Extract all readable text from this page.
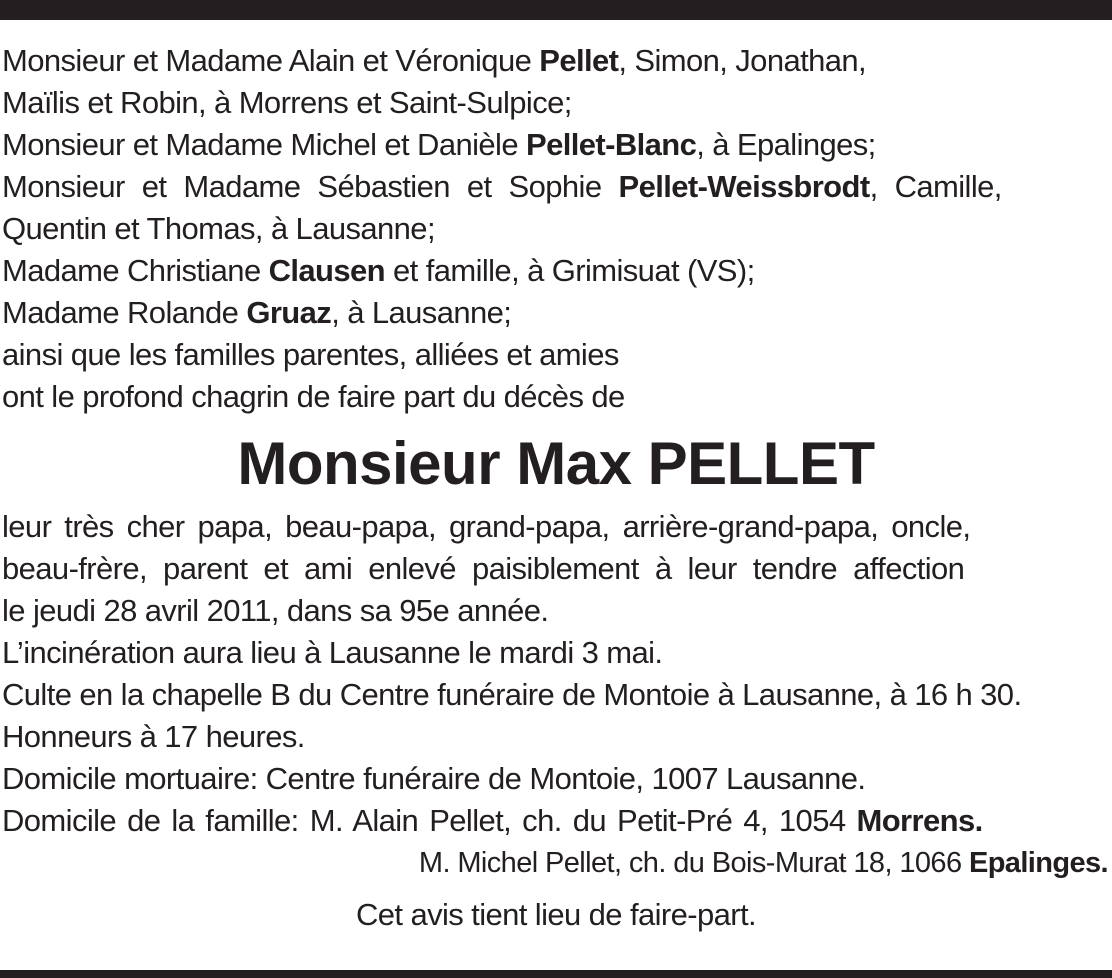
Monsieur et Madame Alain et Véronique Pellet, Simon, Jonathan,
Maïlis et Robin, à Morrens et Saint-Sulpice;
Monsieur et Madame Michel et Danièle Pellet-Blanc, à Epalinges;
Monsieur et Madame Sébastien et Sophie Pellet-Weissbrodt, Camille,
Quentin et Thomas, à Lausanne;
Madame Christiane Clausen et famille, à Grimisuat (VS);
Madame Rolande Gruaz, à Lausanne;
ainsi que les familles parentes, alliées et amies
ont le profond chagrin de faire part du décès de
Monsieur Max PELLET
leur très cher papa, beau-papa, grand-papa, arrière-grand-papa, oncle,
beau-frère, parent et ami enlevé paisiblement à leur tendre affection
le jeudi 28 avril 2011, dans sa 95e année.
L’incinération aura lieu à Lausanne le mardi 3 mai.
Culte en la chapelle B du Centre funéraire de Montoie à Lausanne, à 16 h 30.
Honneurs à 17 heures.
Domicile mortuaire: Centre funéraire de Montoie, 1007 Lausanne.
Domicile de la famille: M. Alain Pellet, ch. du Petit-Pré 4, 1054 Morrens.
M. Michel Pellet, ch. du Bois-Murat 18, 1066 Epalinges.
Cet avis tient lieu de faire-part.
